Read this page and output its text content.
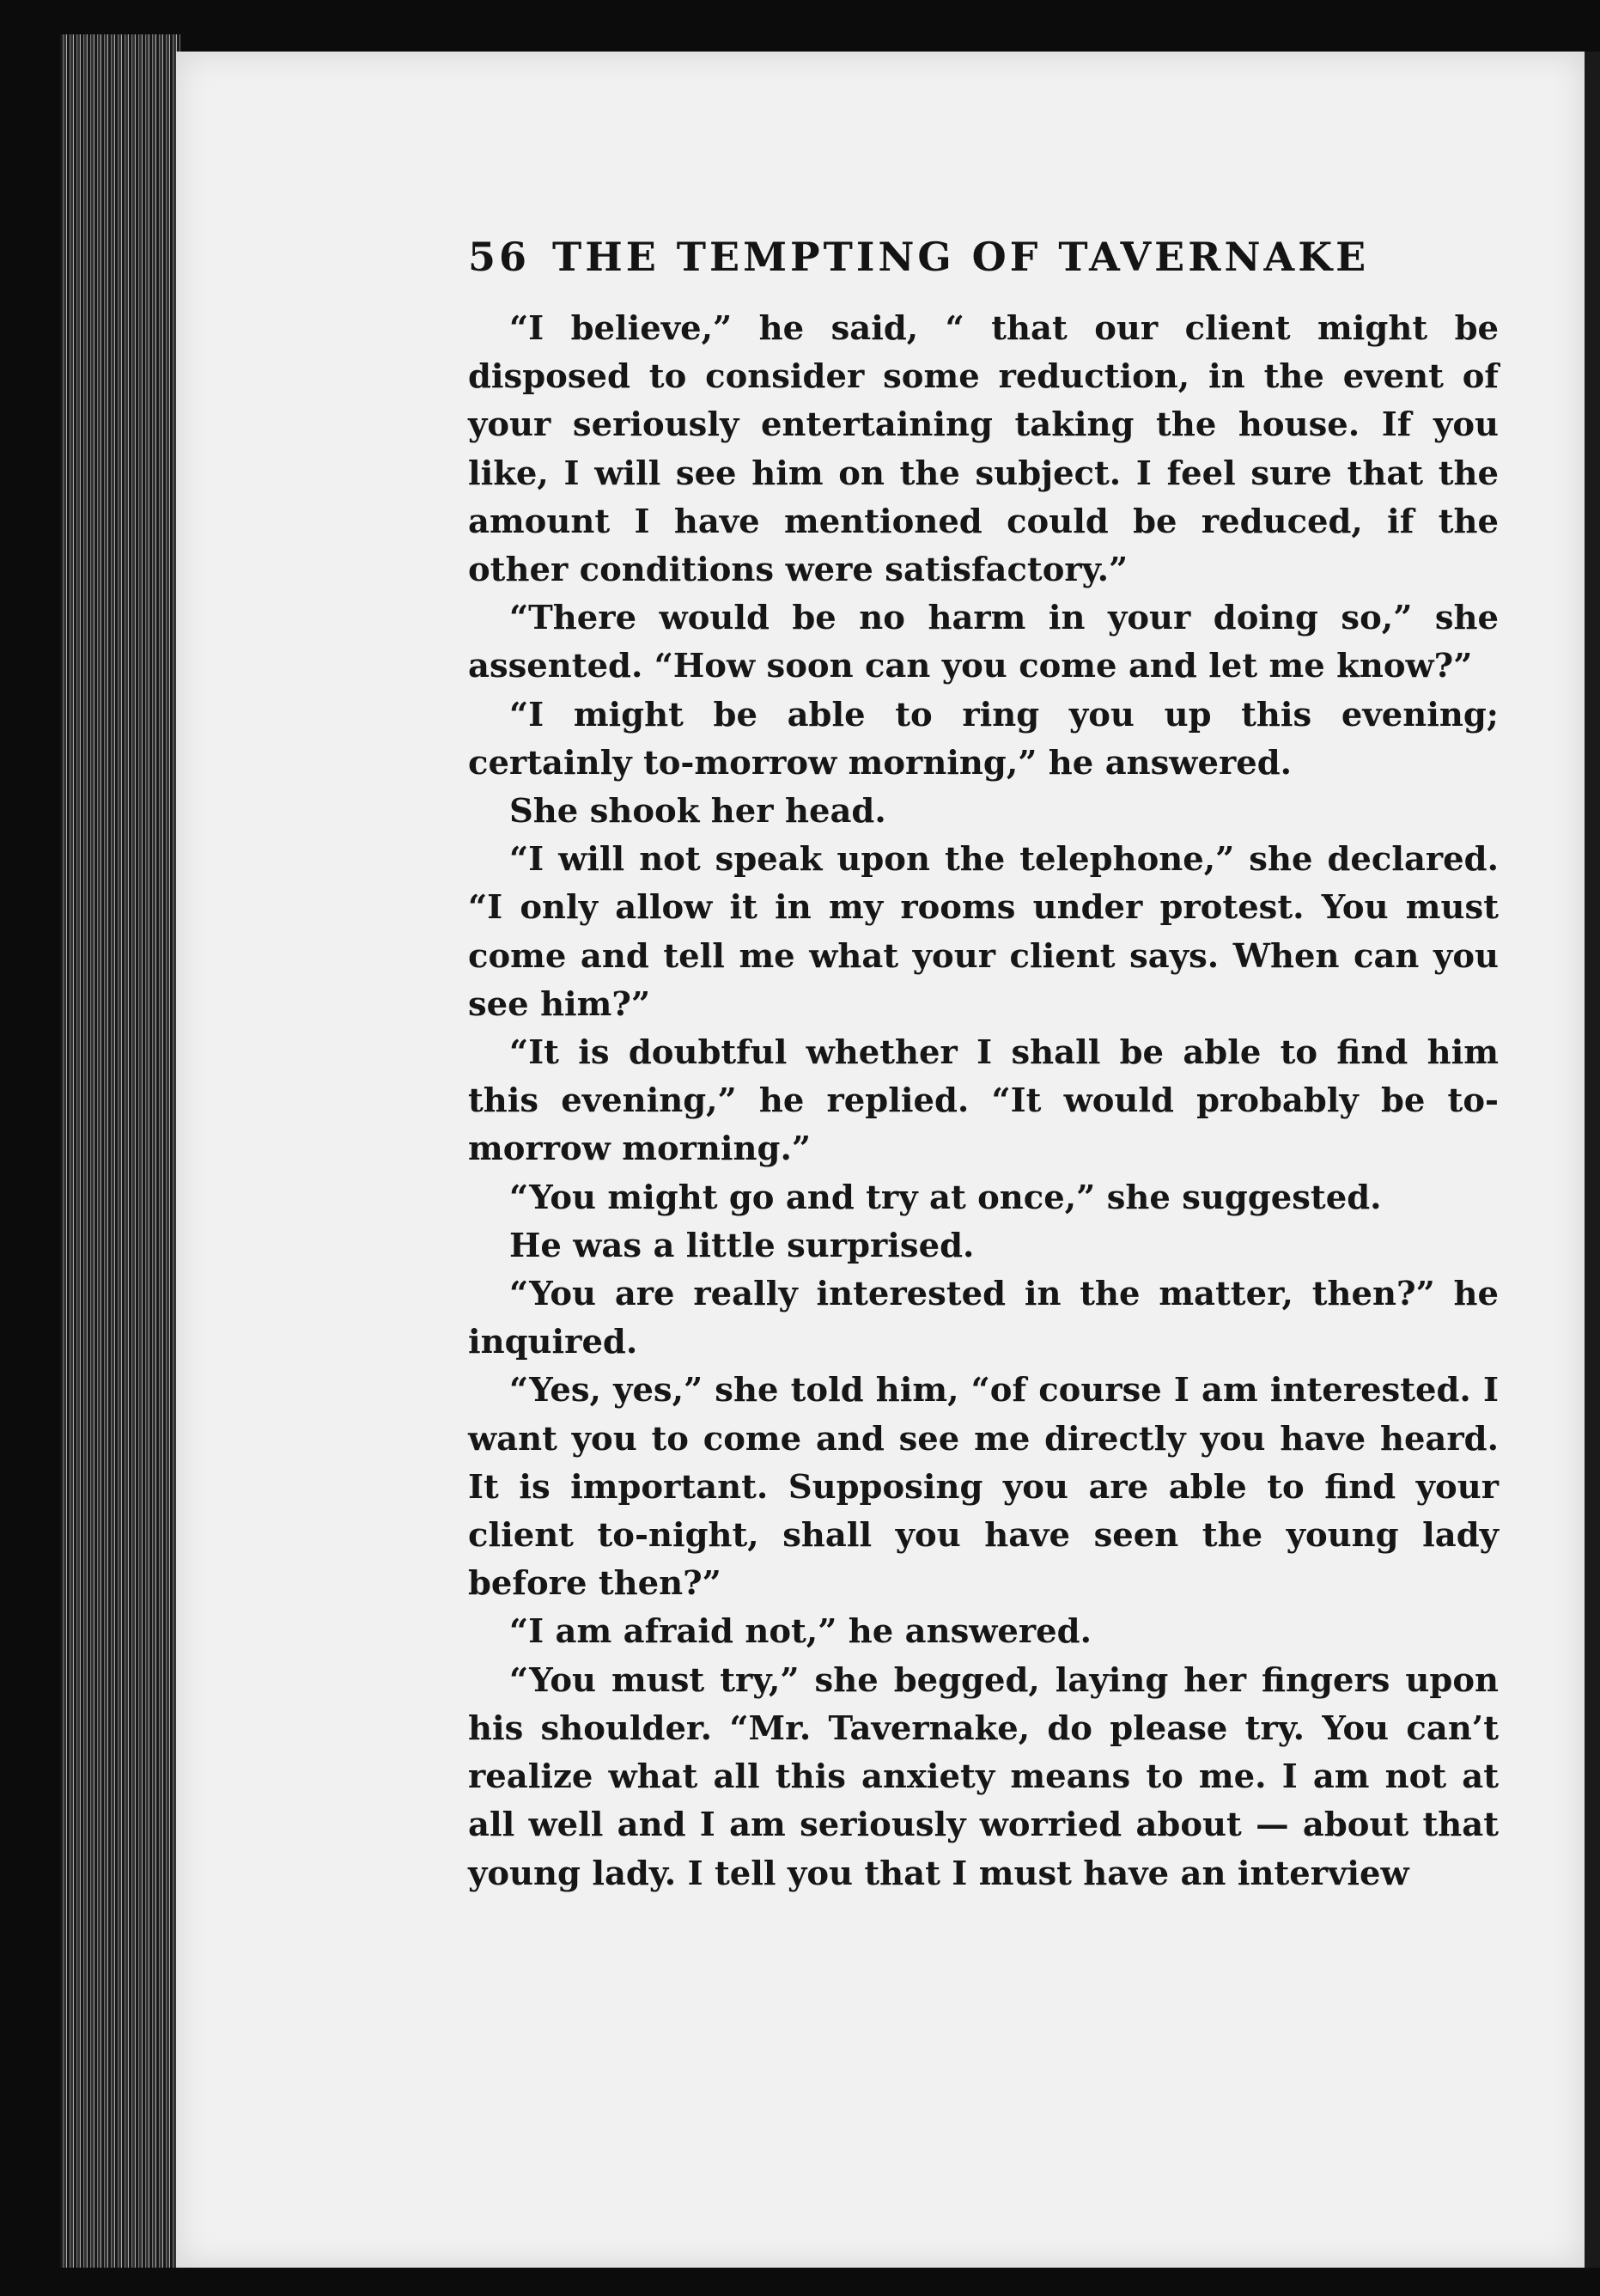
56 THE TEMPTING OF TAVERNAKE

“I believe,” he said, “ that our client might be disposed to consider some reduction, in the event of your seriously entertaining taking the house. If you like, I will see him on the subject. I feel sure that the amount I have mentioned could be reduced, if the other conditions were satisfactory.”

“There would be no harm in your doing so,” she assented. “How soon can you come and let me know?”

“I might be able to ring you up this evening; certainly to-morrow morning,” he answered.

She shook her head.

“I will not speak upon the telephone,” she declared. “I only allow it in my rooms under protest. You must come and tell me what your client says. When can you see him?”

“It is doubtful whether I shall be able to find him this evening,” he replied. “It would probably be to-morrow morning.”

“You might go and try at once,” she suggested.

He was a little surprised.

“You are really interested in the matter, then?” he inquired.

“Yes, yes,” she told him, “of course I am interested. I want you to come and see me directly you have heard. It is important. Supposing you are able to find your client to-night, shall you have seen the young lady before then?”

“I am afraid not,” he answered.

“You must try,” she begged, laying her fingers upon his shoulder. “Mr. Tavernake, do please try. You can’t realize what all this anxiety means to me. I am not at all well and I am seriously worried about — about that young lady. I tell you that I must have an interview
